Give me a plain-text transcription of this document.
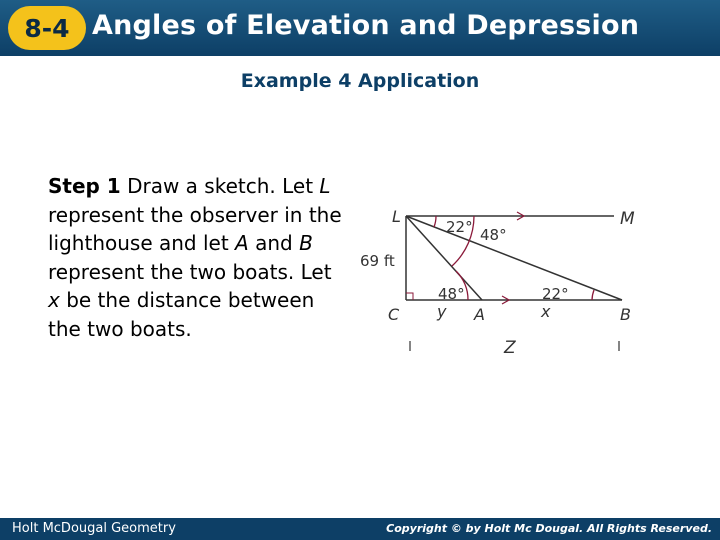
8-4 Angles of Elevation and Depression
Example 4 Application
Step 1 Draw a sketch. Let L represent the observer in the lighthouse and let A and B represent the two boats. Let x be the distance between the two boats.
L	M
69 ft
22° 48°
48°	22°
C y A	x	B
Z
Holt McDougal Geometry	Copyright © by Holt Mc Dougal. All Rights Reserved.
